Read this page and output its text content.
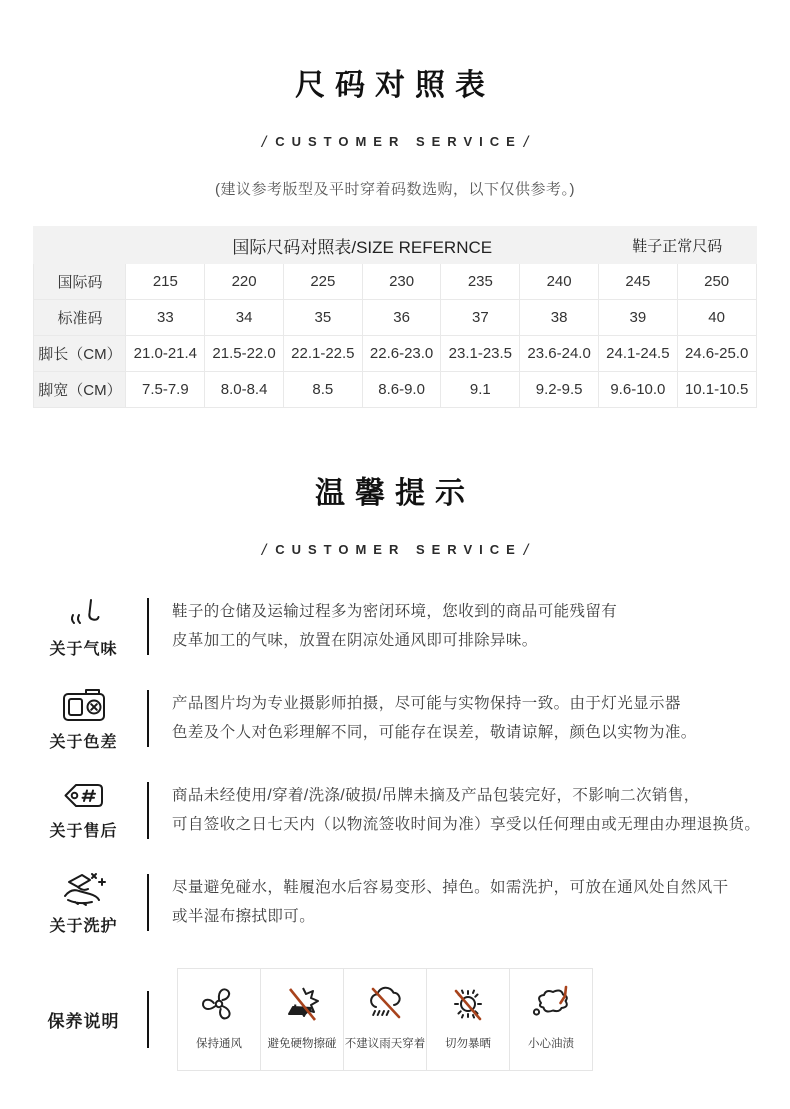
尺码对照表
/ CUSTOMER SERVICE /
(建议参考版型及平时穿着码数选购，以下仅供参考。)
	国际尺码对照表/SIZE REFERNCE						鞋子正常尺码	
国际码	215	220	225	230	235	240	245	250
标准码	33	34	35	36	37	38	39	40
脚长（CM）	21.0-21.4	21.5-22.0	22.1-22.5	22.6-23.0	23.1-23.5	23.6-24.0	24.1-24.5	24.6-25.0
脚宽（CM）	7.5-7.9	8.0-8.4	8.5	8.6-9.0	9.1	9.2-9.5	9.6-10.0	10.1-10.5
温馨提示
/ CUSTOMER SERVICE /
关于气味
鞋子的仓储及运输过程多为密闭环境，您收到的商品可能残留有
皮革加工的气味，放置在阴凉处通风即可排除异味。
关于色差
产品图片均为专业摄影师拍摄，尽可能与实物保持一致。由于灯光显示器
色差及个人对色彩理解不同，可能存在误差，敬请谅解，颜色以实物为准。
关于售后
商品未经使用/穿着/洗涤/破损/吊牌未摘及产品包装完好，不影响二次销售，
可自签收之日七天内（以物流签收时间为准）享受以任何理由或无理由办理退换货。
关于洗护
尽量避免碰水，鞋履泡水后容易变形、掉色。如需洗护，可放在通风处自然风干
或半湿布擦拭即可。
保养说明
保持通风 避免硬物擦碰 不建议雨天穿着 切勿暴晒	小心油渍
